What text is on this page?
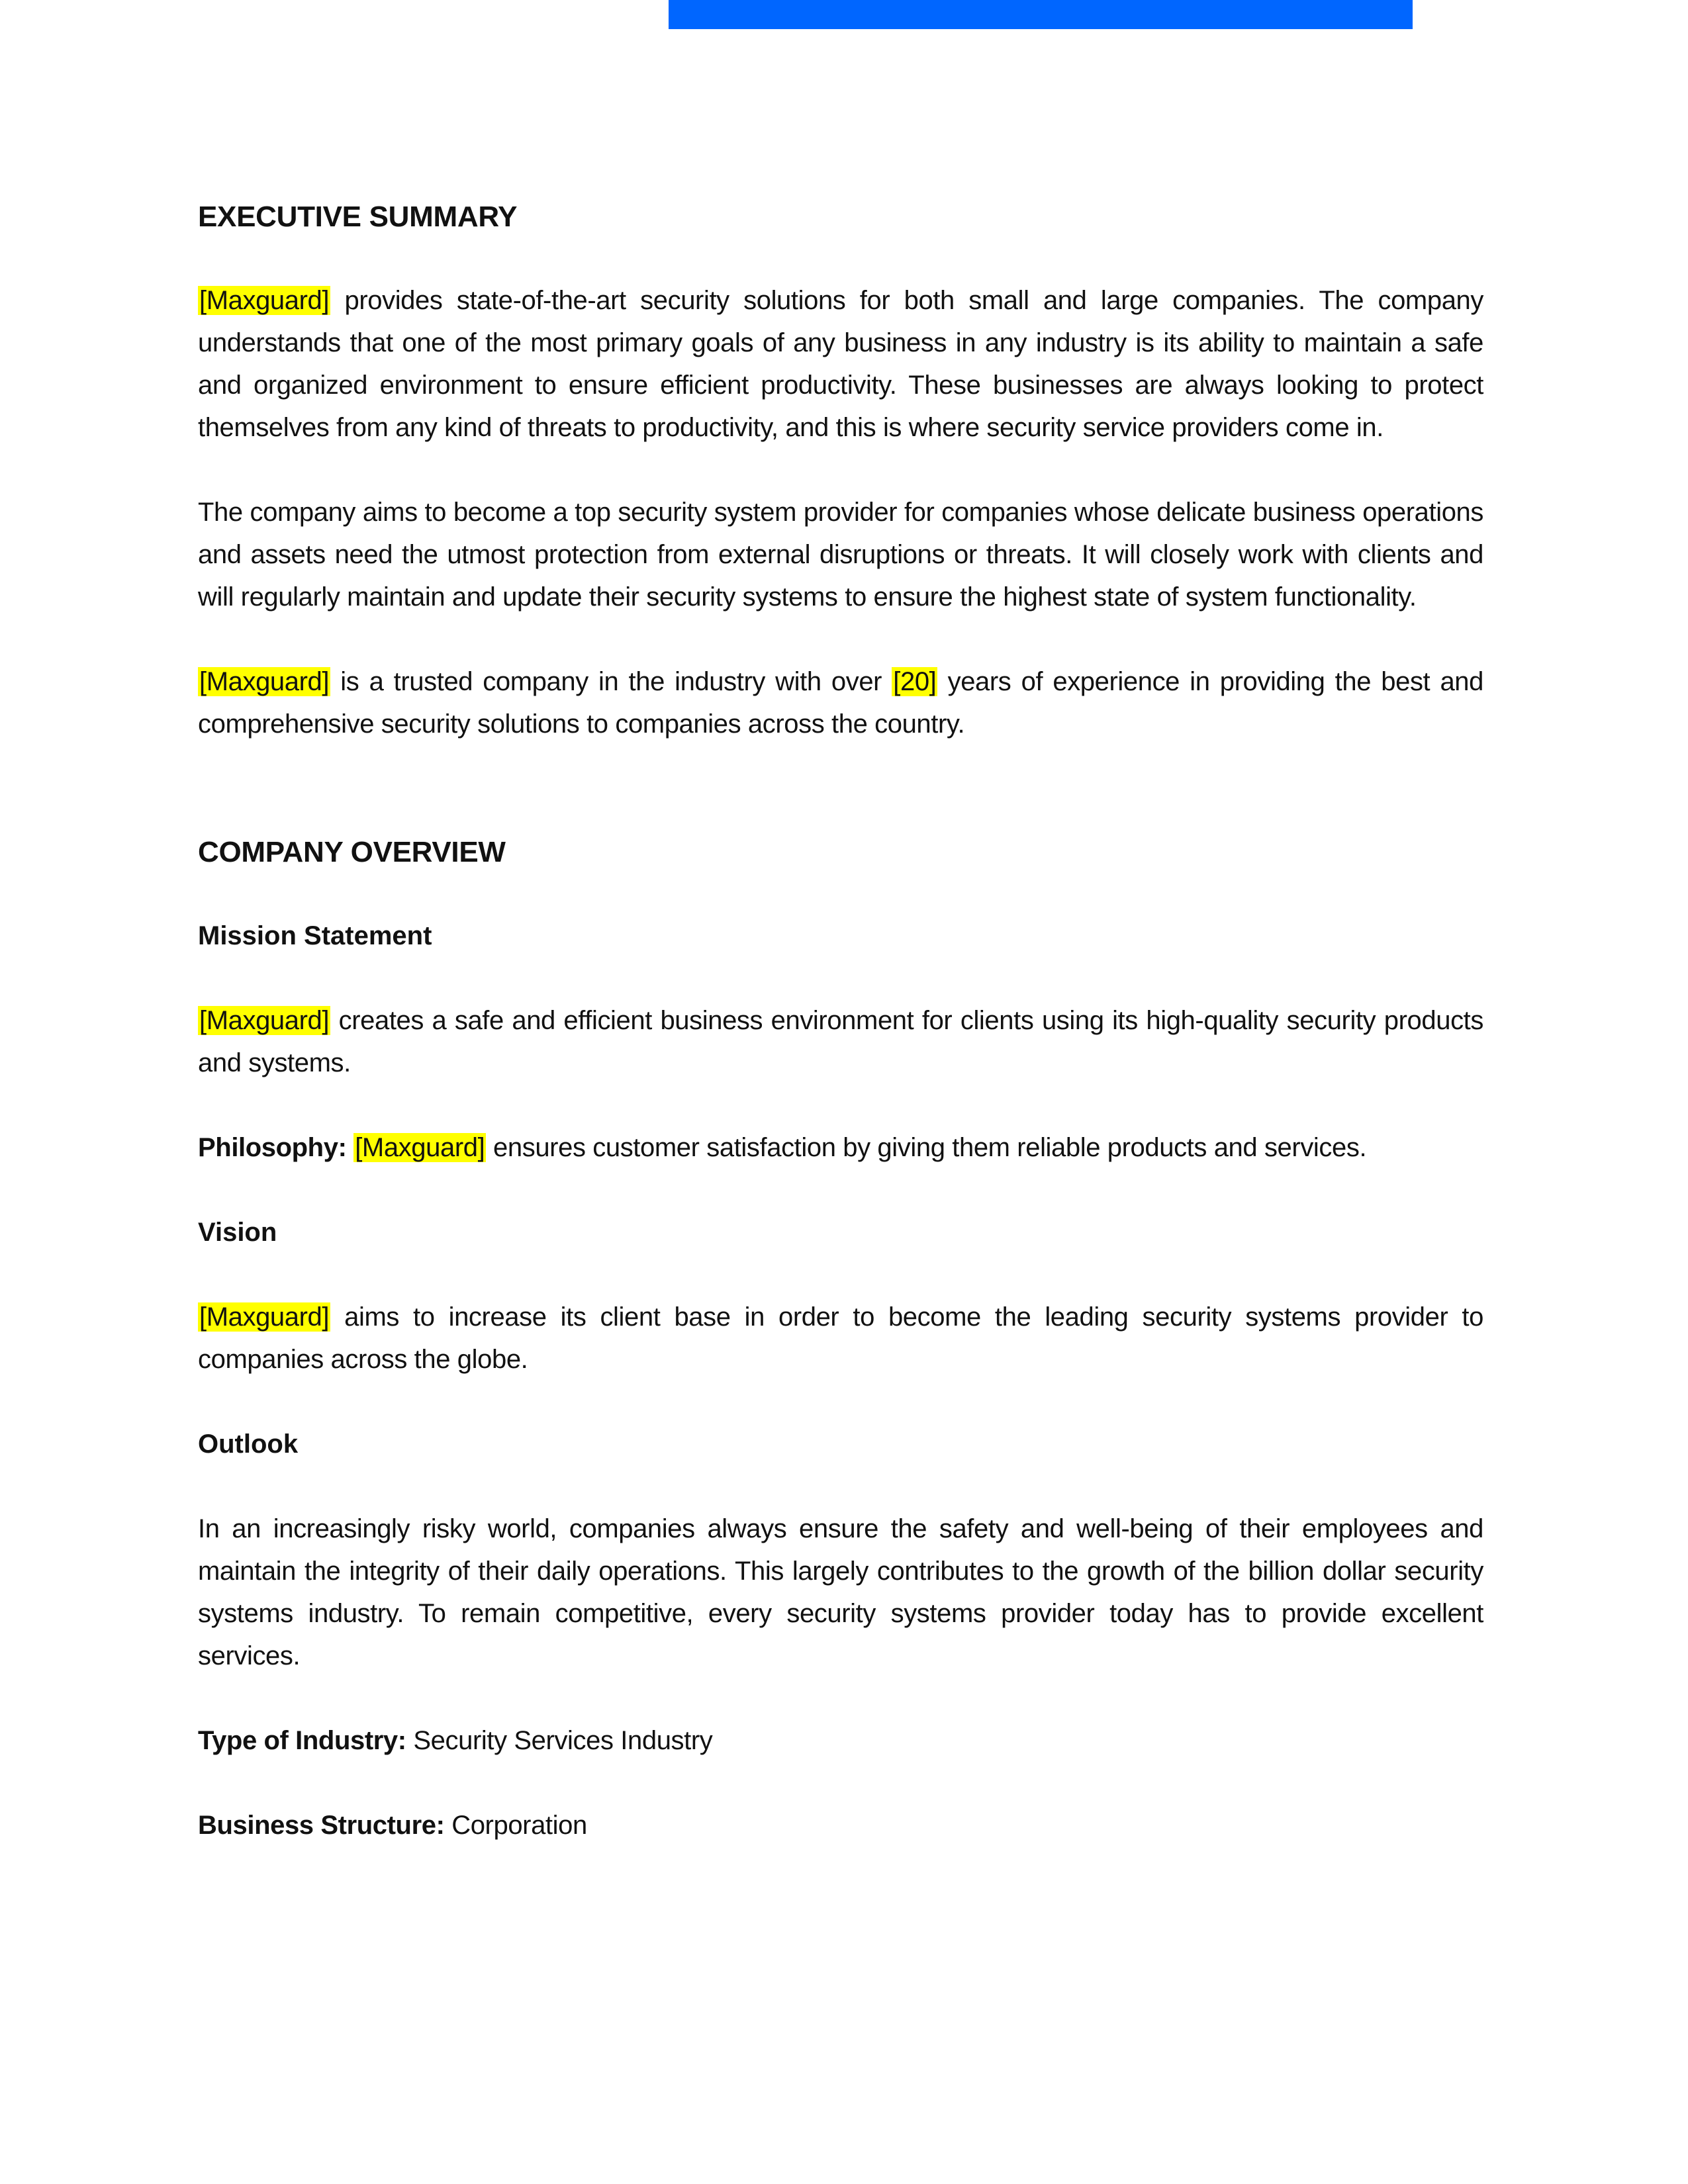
EXECUTIVE SUMMARY

[Maxguard] provides state-of-the-art security solutions for both small and large companies. The company understands that one of the most primary goals of any business in any industry is its ability to maintain a safe and organized environment to ensure efficient productivity. These businesses are always looking to protect themselves from any kind of threats to productivity, and this is where security service providers come in.

The company aims to become a top security system provider for companies whose delicate business operations and assets need the utmost protection from external disruptions or threats. It will closely work with clients and will regularly maintain and update their security systems to ensure the highest state of system functionality.

[Maxguard] is a trusted company in the industry with over [20] years of experience in providing the best and comprehensive security solutions to companies across the country.

COMPANY OVERVIEW
Mission Statement

[Maxguard] creates a safe and efficient business environment for clients using its high-quality security products and systems.

Philosophy: [Maxguard] ensures customer satisfaction by giving them reliable products and services.

Vision

[Maxguard] aims to increase its client base in order to become the leading security systems provider to companies across the globe.

Outlook

In an increasingly risky world, companies always ensure the safety and well-being of their employees and maintain the integrity of their daily operations. This largely contributes to the growth of the billion dollar security systems industry. To remain competitive, every security systems provider today has to provide excellent services.

Type of Industry: Security Services Industry

Business Structure: Corporation
